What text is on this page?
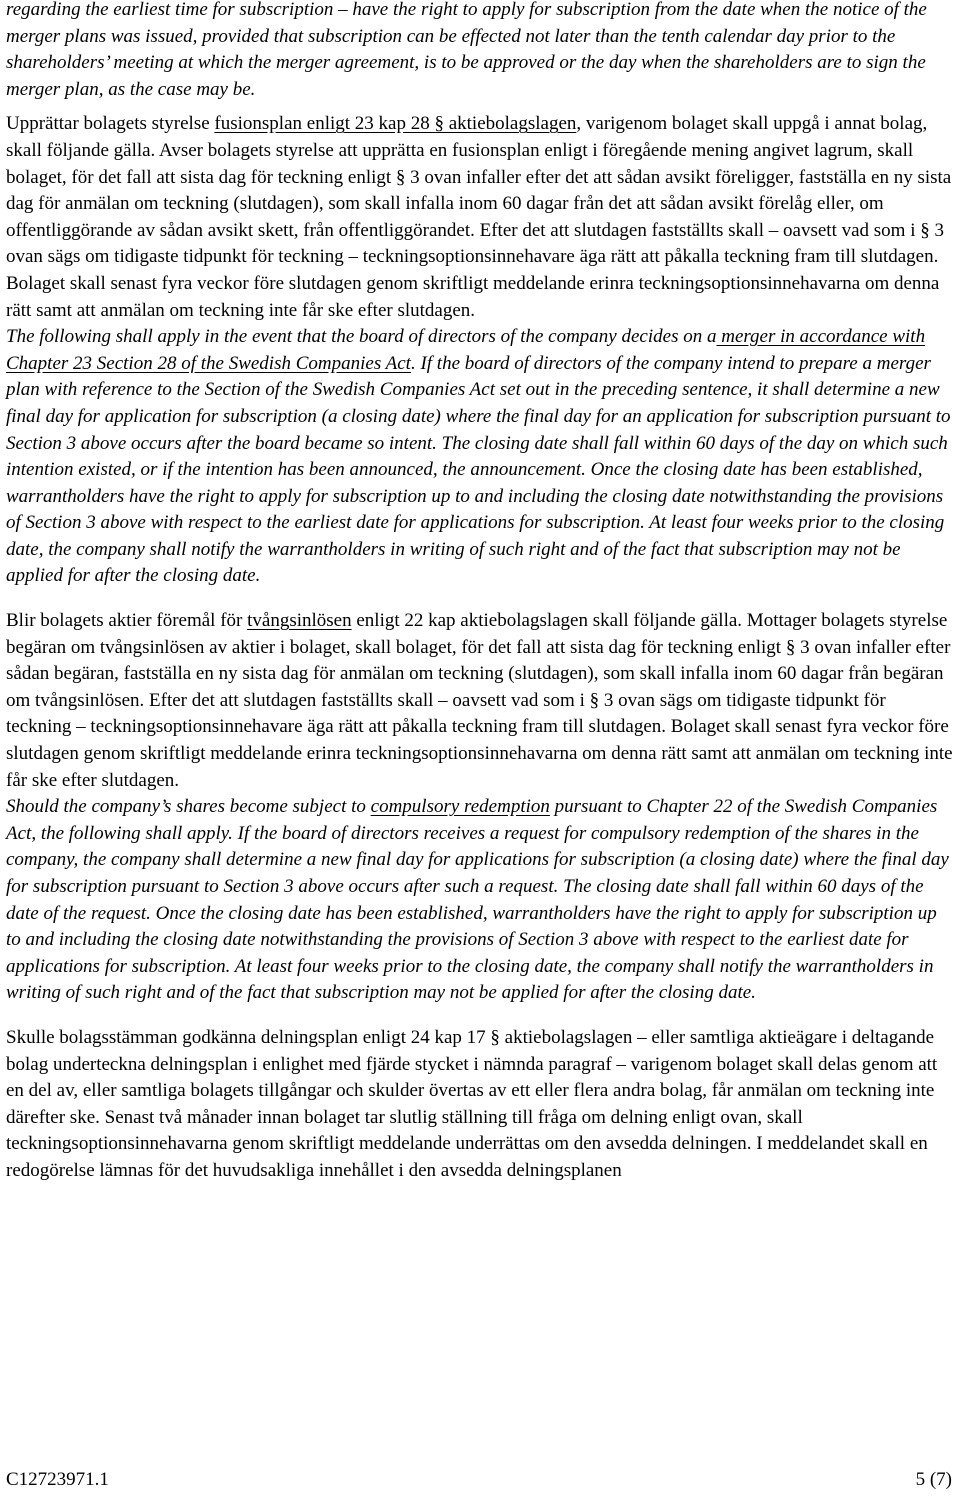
regarding the earliest time for subscription – have the right to apply for subscription from the date when the notice of the merger plans was issued, provided that subscription can be effected not later than the tenth calendar day prior to the shareholders’ meeting at which the merger agreement, is to be approved or the day when the shareholders are to sign the merger plan, as the case may be.

Upprättar bolagets styrelse fusionsplan enligt 23 kap 28 § aktiebolagslagen, varigenom bolaget skall uppgå i annat bolag, skall följande gälla. Avser bolagets styrelse att upprätta en fusionsplan enligt i föregående mening angivet lagrum, skall bolaget, för det fall att sista dag för teckning enligt § 3 ovan infaller efter det att sådan avsikt föreligger, fastställa en ny sista dag för anmälan om teckning (slutdagen), som skall infalla inom 60 dagar från det att sådan avsikt förelåg eller, om offentliggörande av sådan avsikt skett, från offentliggörandet. Efter det att slutdagen fastställts skall – oavsett vad som i § 3 ovan sägs om tidigaste tidpunkt för teckning – teckningsoptionsinnehavare äga rätt att påkalla teckning fram till slutdagen. Bolaget skall senast fyra veckor före slutdagen genom skriftligt meddelande erinra teckningsoptionsinnehavarna om denna rätt samt att anmälan om teckning inte får ske efter slutdagen.

The following shall apply in the event that the board of directors of the company decides on a merger in accordance with Chapter 23 Section 28 of the Swedish Companies Act. If the board of directors of the company intend to prepare a merger plan with reference to the Section of the Swedish Companies Act set out in the preceding sentence, it shall determine a new final day for application for subscription (a closing date) where the final day for an application for subscription pursuant to Section 3 above occurs after the board became so intent. The closing date shall fall within 60 days of the day on which such intention existed, or if the intention has been announced, the announcement. Once the closing date has been established, warrantholders have the right to apply for subscription up to and including the closing date notwithstanding the provisions of Section 3 above with respect to the earliest date for applications for subscription. At least four weeks prior to the closing date, the company shall notify the warrantholders in writing of such right and of the fact that subscription may not be applied for after the closing date.

Blir bolagets aktier föremål för tvångsinlösen enligt 22 kap aktiebolagslagen skall följande gälla. Mottager bolagets styrelse begäran om tvångsinlösen av aktier i bolaget, skall bolaget, för det fall att sista dag för teckning enligt § 3 ovan infaller efter sådan begäran, fastställa en ny sista dag för anmälan om teckning (slutdagen), som skall infalla inom 60 dagar från begäran om tvångsinlösen. Efter det att slutdagen fastställts skall – oavsett vad som i § 3 ovan sägs om tidigaste tidpunkt för teckning – teckningsoptionsinnehavare äga rätt att påkalla teckning fram till slutdagen. Bolaget skall senast fyra veckor före slutdagen genom skriftligt meddelande erinra teckningsoptionsinnehavarna om denna rätt samt att anmälan om teckning inte får ske efter slutdagen.

Should the company’s shares become subject to compulsory redemption pursuant to Chapter 22 of the Swedish Companies Act, the following shall apply. If the board of directors receives a request for compulsory redemption of the shares in the company, the company shall determine a new final day for applications for subscription (a closing date) where the final day for subscription pursuant to Section 3 above occurs after such a request. The closing date shall fall within 60 days of the date of the request. Once the closing date has been established, warrantholders have the right to apply for subscription up to and including the closing date notwithstanding the provisions of Section 3 above with respect to the earliest date for applications for subscription. At least four weeks prior to the closing date, the company shall notify the warrantholders in writing of such right and of the fact that subscription may not be applied for after the closing date.

Skulle bolagsstämman godkänna delningsplan enligt 24 kap 17 § aktiebolagslagen – eller samtliga aktieägare i deltagande bolag underteckna delningsplan i enlighet med fjärde stycket i nämnda paragraf – varigenom bolaget skall delas genom att en del av, eller samtliga bolagets tillgångar och skulder övertas av ett eller flera andra bolag, får anmälan om teckning inte därefter ske. Senast två månader innan bolaget tar slutlig ställning till fråga om delning enligt ovan, skall teckningsoptionsinnehavarna genom skriftligt meddelande underrättas om den avsedda delningen. I meddelandet skall en redogörelse lämnas för det huvudsakliga innehållet i den avsedda delningsplanen

C12723971.1	5 (7)
